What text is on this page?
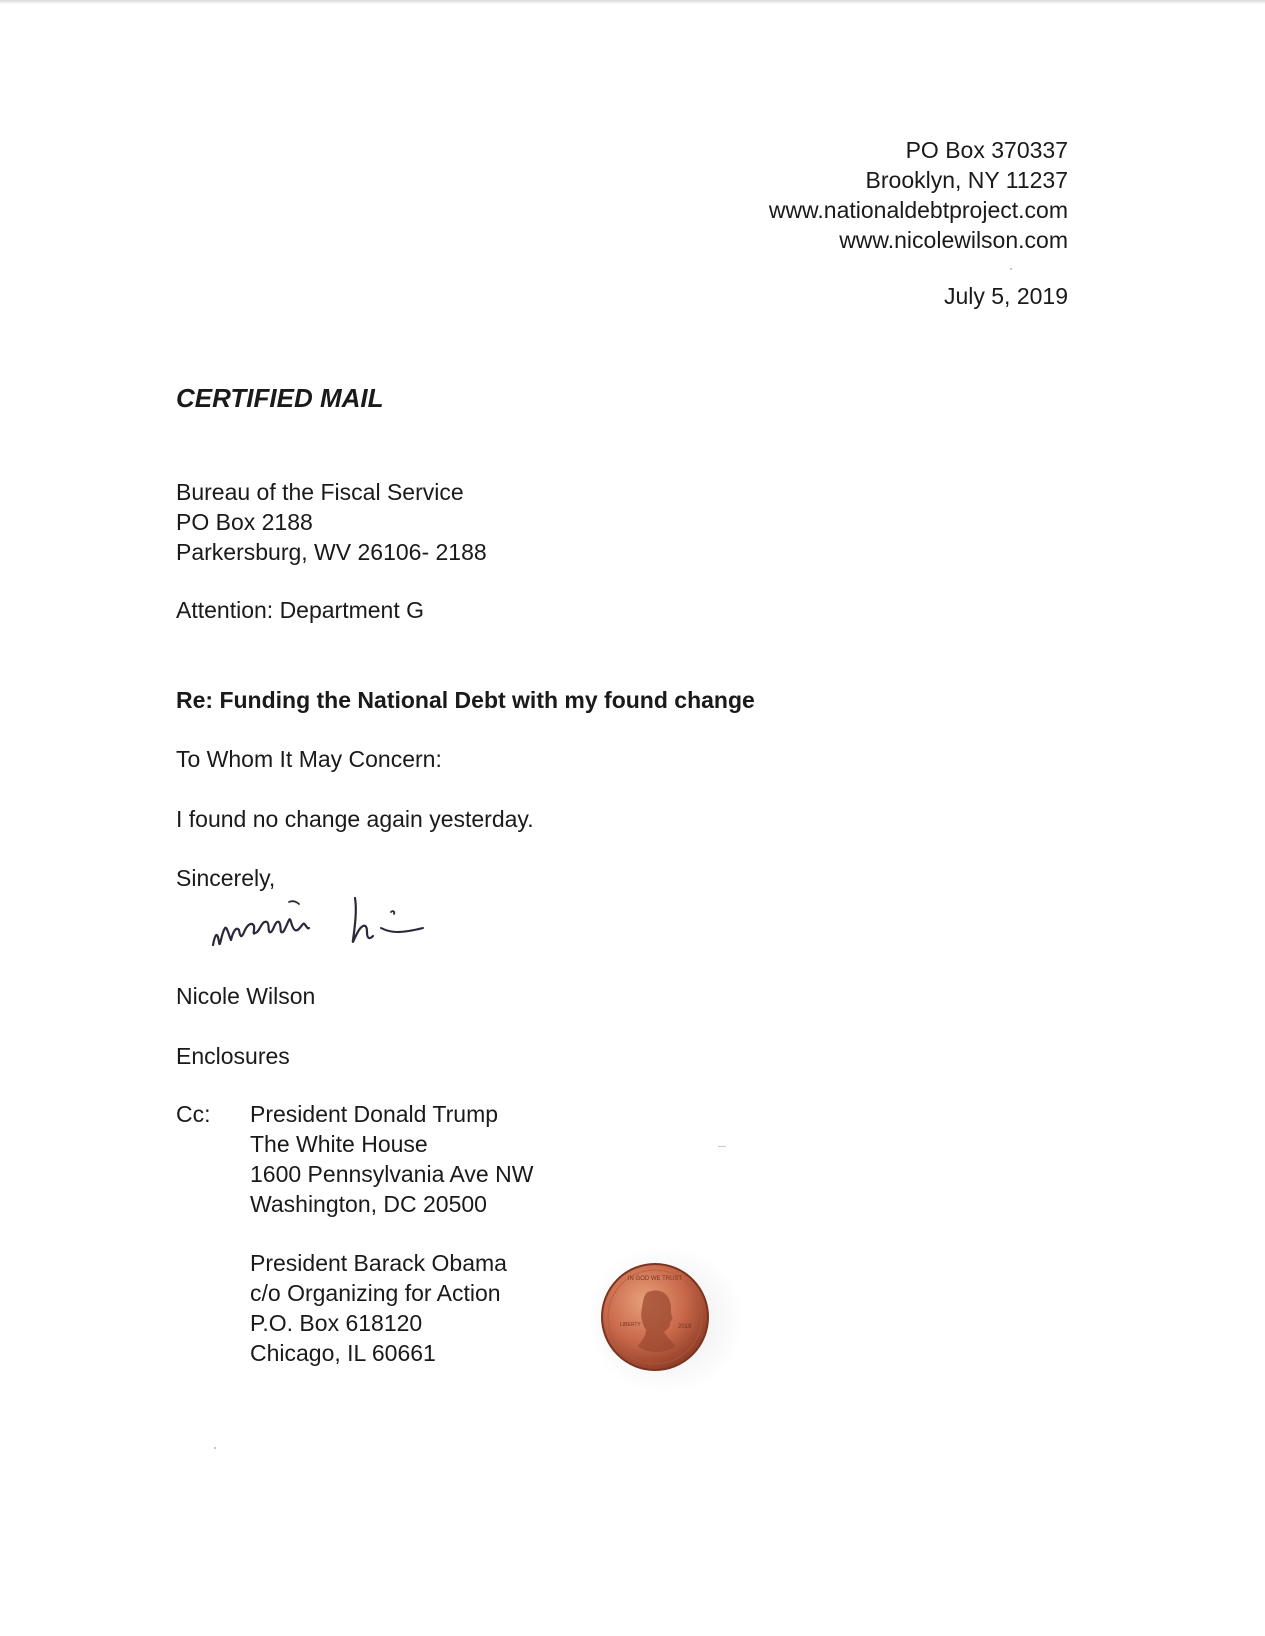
PO Box 370337
Brooklyn, NY 11237
www.nationaldebtproject.com
www.nicolewilson.com
July 5, 2019
CERTIFIED MAIL
Bureau of the Fiscal Service
PO Box 2188
Parkersburg, WV 26106- 2188
Attention: Department G
Re: Funding the National Debt with my found change
To Whom It May Concern:
I found no change again yesterday.
Sincerely,
Nicole Wilson
Enclosures
Cc: President Donald Trump
The White House
1600 Pennsylvania Ave NW
Washington, DC 20500
President Barack Obama
c/o Organizing for Action
P.O. Box 618120
Chicago, IL 60661
IN GOD WE TRUST
LIBERTY	2019
